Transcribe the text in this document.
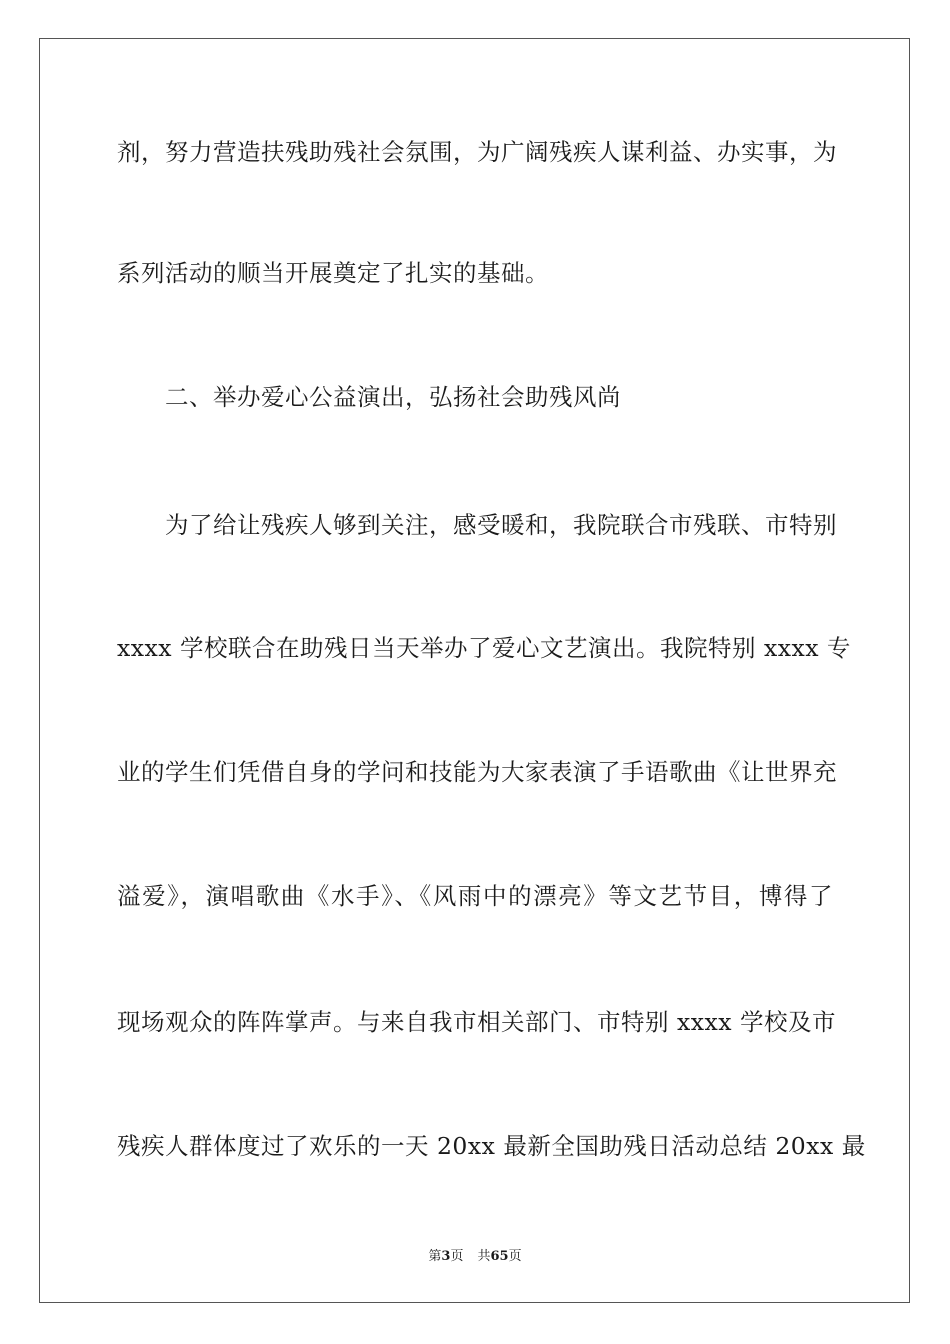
剂，努力营造扶残助残社会氛围，为广阔残疾人谋利益、办实事，为
系列活动的顺当开展奠定了扎实的基础。
二、举办爱心公益演出，弘扬社会助残风尚
为了给让残疾人够到关注，感受暖和，我院联合市残联、市特别
xxxx 学校联合在助残日当天举办了爱心文艺演出。我院特别 xxxx 专
业的学生们凭借自身的学问和技能为大家表演了手语歌曲《让世界充
溢爱》，演唱歌曲《水手》、《风雨中的漂亮》等文艺节目，博得了
现场观众的阵阵掌声。与来自我市相关部门、市特别 xxxx 学校及市
残疾人群体度过了欢乐的一天 20xx 最新全国助残日活动总结 20xx 最
第3页 共65页
